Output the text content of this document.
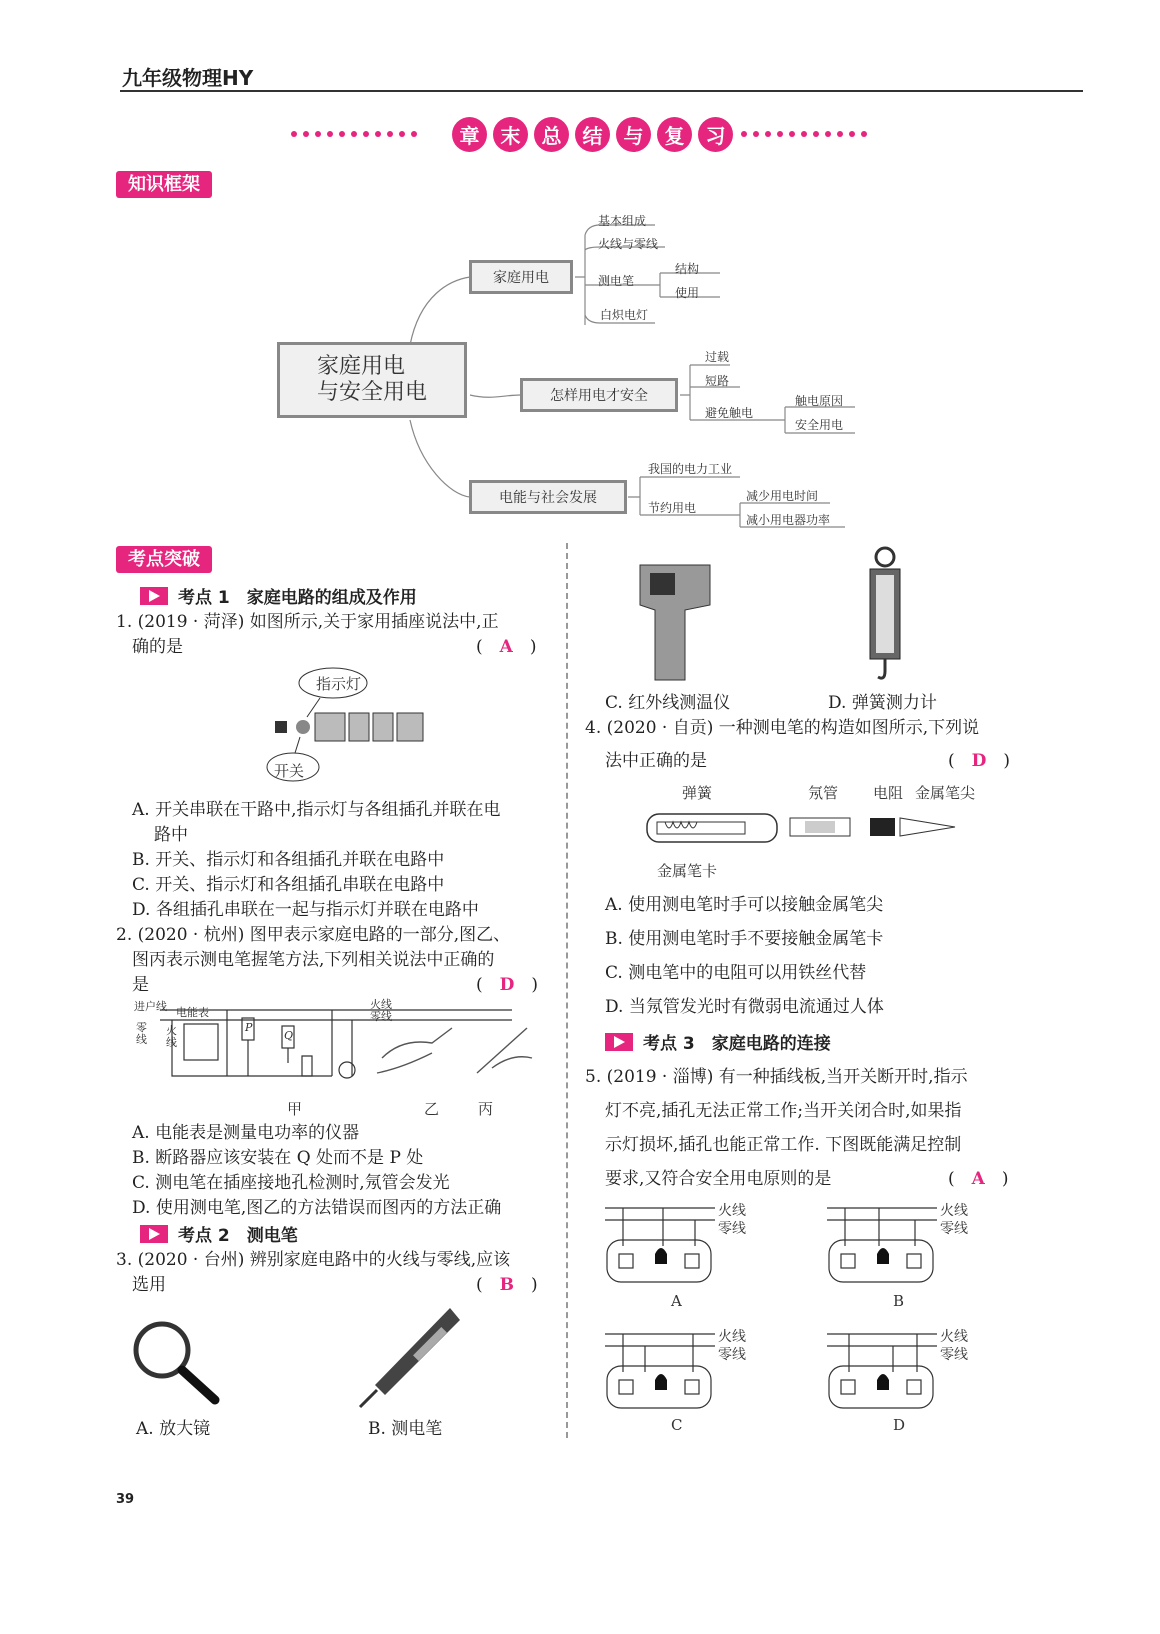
九年级物理HY
章	末	总	结	与	复	习
知识框架
家庭用电
与安全用电
家庭用电
怎样用电才安全
电能与社会发展
基本组成
火线与零线
测电笔
白炽电灯
结构
使用
过载
短路
避免触电
触电原因
安全用电
我国的电力工业
节约用电
减少用电时间
减小用电器功率
考点突破
考点 1　家庭电路的组成及作用
1. (2019 · 菏泽) 如图所示,关于家用插座说法中,正
确的是	(　A　)
指示灯
开关
A. 开关串联在干路中,指示灯与各组插孔并联在电
路中
B. 开关、指示灯和各组插孔并联在电路中
C. 开关、指示灯和各组插孔串联在电路中
D. 各组插孔串联在一起与指示灯并联在电路中
2. (2020 · 杭州) 图甲表示家庭电路的一部分,图乙、
图丙表示测电笔握笔方法,下列相关说法中正确的
是	(　D　)
进户线 电能表
零线
火线
火线
零线
P
Q
甲	乙	丙
A. 电能表是测量电功率的仪器
B. 断路器应该安装在 Q 处而不是 P 处
C. 测电笔在插座接地孔检测时,氖管会发光
D. 使用测电笔,图乙的方法错误而图丙的方法正确
考点 2　测电笔
3. (2020 · 台州) 辨别家庭电路中的火线与零线,应该
选用	(　B　)
A. 放大镜	B. 测电笔
C. 红外线测温仪	D. 弹簧测力计
4. (2020 · 自贡) 一种测电笔的构造如图所示,下列说
法中正确的是	(　D　)
弹簧	氖管 电阻 金属笔尖
金属笔卡
A. 使用测电笔时手可以接触金属笔尖
B. 使用测电笔时手不要接触金属笔卡
C. 测电笔中的电阻可以用铁丝代替
D. 当氖管发光时有微弱电流通过人体
考点 3　家庭电路的连接
5. (2019 · 淄博) 有一种插线板,当开关断开时,指示
灯不亮,插孔无法正常工作;当开关闭合时,如果指
示灯损坏,插孔也能正常工作. 下图既能满足控制
要求,又符合安全用电原则的是	(　A　)
火线
零线
火线
零线
火线
零线
火线
零线
A	B
C	D
39
